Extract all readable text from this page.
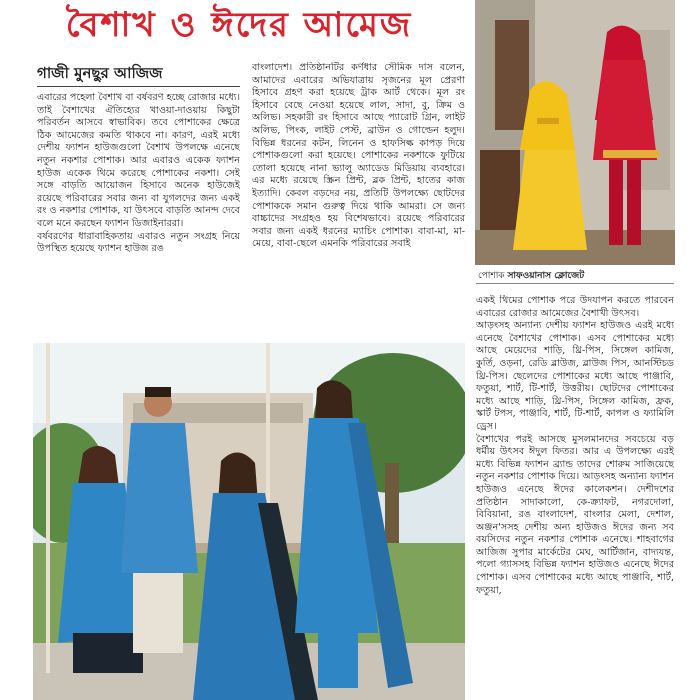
বৈশাখ ও ঈদের আমেজ
গাজী মুনছুর আজিজ

এবারের পহেলা বৈশাখ বা বর্ষবরণ হচ্ছে রোজার মধ্যে। তাই বৈশাখের ঐতিহ্যের খাওয়া-দাওয়ায় কিছুটা পরিবর্তন আসবে স্বাভাবিক। তবে পোশাকের ক্ষেত্রে ঠিক আমেজের কমতি থাকবে না। কারণ, এরই মধ্যে দেশীয় ফ্যাশন হাউজগুলো বৈশাখ উপলক্ষে এনেছে নতুন নকশার পোশাক। আর এবারও একেক ফ্যাশন হাউজ একেক থিমে করেছে পোশাকের নকশা। সেই সঙ্গে বাড়তি আয়োজন হিসাবে অনেক হাউজেই রয়েছে পরিবারের সবার জন্য বা যুগলদের জন্য একই রং ও নকশার পোশাক, যা উৎসবে বাড়তি আনন্দ দেবে বলে মনে করছেন ফ্যাশন ডিজাইনাররা।

বর্ষবরণের ধারাবাহিকতায় এবারও নতুন সংগ্রহ নিয়ে উপস্থিত হয়েছে ফ্যাশন হাউজ রঙ

বাংলাদেশ। প্রতিষ্ঠানটির কর্ণধার সৌমিক দাস বলেন, আমাদের এবারের অভিযাত্রায় সৃজনের মূল প্রেরণা হিসাবে গ্রহণ করা হয়েছে ট্রাক আর্ট থেকে। মূল রং হিসাবে বেছে নেওয়া হয়েছে লাল, সাদা, বু, ক্রিম ও অলিভ। সহকারী রং হিসাবে আছে প্যারোট গ্রিন, লাইট অলিভ, পিংক, লাইট পেস্ট, ব্রাউন ও গোল্ডেন হলুদ। বিভিন্ন ধরনের কটন, লিনেন ও হাফসিল্ক কাপড় দিয়ে পোশাকগুলো করা হয়েছে। পোশাকের নকশাকে ফুটিয়ে তোলা হয়েছে নানা ভ্যালু অ্যাডেড মিডিয়ায় ব্যবহারে। এর মধ্যে রয়েছে স্ক্রিন প্রিন্ট, ব্লক প্রিন্ট, হাতের কাজ ইত্যাদি। কেবল বড়দের নয়, প্রতিটি উপলক্ষ্যে ছোটদের পোশাককে সমান গুরুত্ব দিয়ে থাকি আমরা। সে জন্য বাচ্চাদের সংগ্রহও হয় বিশেষভাবে। রয়েছে পরিবারের সবার জন্য একই ধরনের ম্যাচিং পোশাক। বাবা-মা, মা-মেয়ে, বাবা-ছেলে এমনকি পরিবারের সবাই

পোশাক সাফওয়ানাস ক্লোজেট

একই থিমের পোশাক পরে উদযাপন করতে পারবেন এবারের রোজার আমেজের বৈশাখী উৎসব।

আড়ংসহ অন্যান্য দেশীয় ফ্যাশন হাউজও এরই মধ্যে এনেছে বৈশাখের পোশাক। এসব পোশাকের মধ্যে আছে মেয়েদের শাড়ি, থ্রি-পিস, সিঙ্গেল কামিজ, কুর্তি, ওড়না, রেডি ব্লাউজ, ব্লাউজ পিস, আনস্টিচড থ্রি-পিস। ছেলেদের পোশাকের মধ্যে আছে পাঞ্জাবি, ফতুয়া, শার্ট, টি-শার্ট, উত্তরীয়। ছোটদের পোশাকের মধ্যে আছে শাড়ি, থ্রি-পিস, সিঙ্গেল কামিজ, ফ্রক, স্কার্ট টপস, পাঞ্জাবি, শার্ট, টি-শার্ট, কাপল ও ফ্যামিলি ড্রেস।

বৈশাখের পরই আসছে মুসলমানদের সবচেয়ে বড় ধর্মীয় উৎসব ঈদুল ফিতর। আর এ উপলক্ষ্যে এরই মধ্যে বিভিন্ন ফ্যাশন ব্র্যান্ড তাদের শোরুম সাজিয়েছে নতুন নকশার পোশাক দিয়ে। আড়ংসহ অন্যান্য ফ্যাশন হাউজও এনেছে ঈদের কালেকশন। দেশীদশের প্রতিষ্ঠান সাদাকালো, কে-ক্র্যাফট, নগরদোলা, বিবিয়ানা, রঙ বাংলাদেশ, বাংলার মেলা, দেশাল, অঞ্জন'সসহ দেশীয় অন্য হাউজও ঈদের জন্য সব বয়সিদের নতুন নকশার পোশাক এনেছে। শাহবাগের আজিজ সুপার মার্কেটের মেঘ, আর্টিজান, বাদ্যযন্ত, পলো গ্যাসসহ বিভিন্ন ফ্যাশন হাউজও এনেছে ঈদের পোশাক। এসব পোশাকের মধ্যে আছে পাঞ্জাবি, শার্ট, ফতুয়া,
